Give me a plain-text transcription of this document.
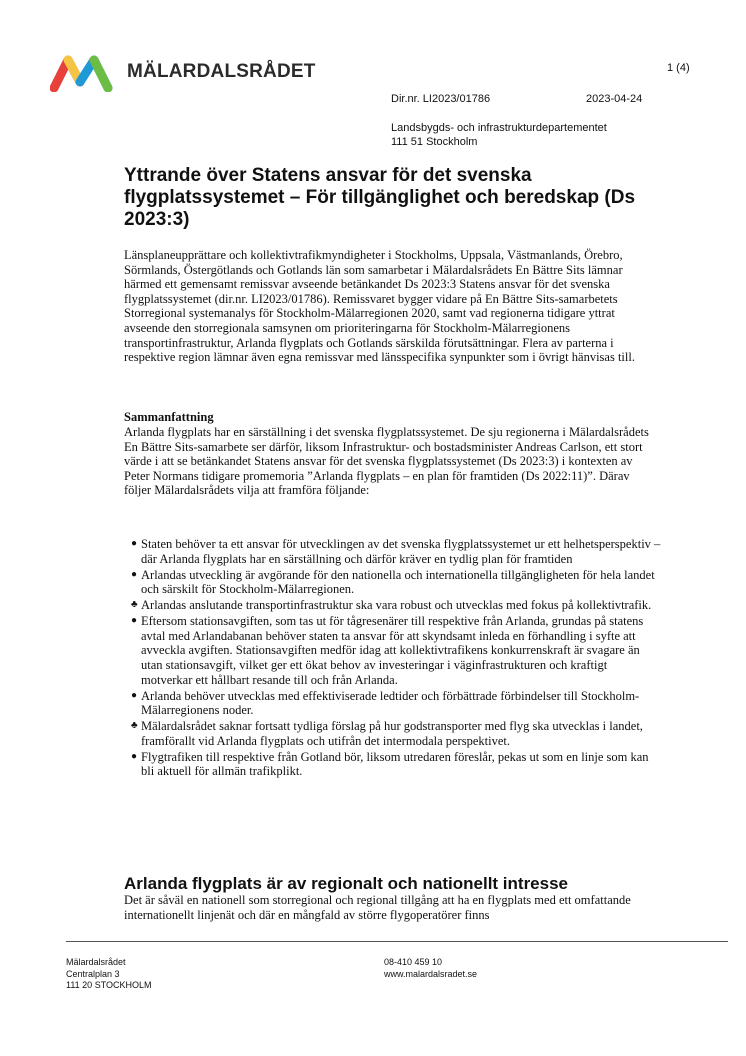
MÄLARDALSRÅDET	1 (4)
Dir.nr. LI2023/01786	2023-04-24
Landsbygds- och infrastrukturdepartementet
111 51 Stockholm
Yttrande över Statens ansvar för det svenska flygplatssystemet – För tillgänglighet och beredskap (Ds 2023:3)

Länsplaneupprättare och kollektivtrafikmyndigheter i Stockholms, Uppsala, Västmanlands, Örebro, Sörmlands, Östergötlands och Gotlands län som samarbetar i Mälardalsrådets En Bättre Sits lämnar härmed ett gemensamt remissvar avseende betänkandet Ds 2023:3 Statens ansvar för det svenska flygplatssystemet (dir.nr. LI2023/01786). Remissvaret bygger vidare på En Bättre Sits-samarbetets Storregional systemanalys för Stockholm-Mälarregionen 2020, samt vad regionerna tidigare yttrat avseende den storregionala samsynen om prioriteringarna för Stockholm-Mälarregionens transportinfrastruktur, Arlanda flygplats och Gotlands särskilda förutsättningar. Flera av parterna i respektive region lämnar även egna remissvar med länsspecifika synpunkter som i övrigt hänvisas till.

Sammanfattning

Arlanda flygplats har en särställning i det svenska flygplatssystemet. De sju regionerna i Mälardalsrådets En Bättre Sits-samarbete ser därför, liksom Infrastruktur- och bostadsminister Andreas Carlson, ett stort värde i att se betänkandet Statens ansvar för det svenska flygplatssystemet (Ds 2023:3) i kontexten av Peter Normans tidigare promemoria ”Arlanda flygplats – en plan för framtiden (Ds 2022:11)”. Därav följer Mälardalsrådets vilja att framföra följande:

● Staten behöver ta ett ansvar för utvecklingen av det svenska flygplatssystemet ur ett helhetsperspektiv – där Arlanda flygplats har en särställning och därför kräver en tydlig plan för framtiden
● Arlandas utveckling är avgörande för den nationella och internationella tillgängligheten för hela landet och särskilt för Stockholm-Mälarregionen.
♣ Arlandas anslutande transportinfrastruktur ska vara robust och utvecklas med fokus på kollektivtrafik.
● Eftersom stationsavgiften, som tas ut för tågresenärer till respektive från Arlanda, grundas på statens avtal med Arlandabanan behöver staten ta ansvar för att skyndsamt inleda en förhandling i syfte att avveckla avgiften. Stationsavgiften medför idag att kollektivtrafikens konkurrenskraft är svagare än utan stationsavgift, vilket ger ett ökat behov av investeringar i väginfrastrukturen och kraftigt motverkar ett hållbart resande till och från Arlanda.
● Arlanda behöver utvecklas med effektiviserade ledtider och förbättrade förbindelser till Stockholm-Mälarregionens noder.
♣ Mälardalsrådet saknar fortsatt tydliga förslag på hur godstransporter med flyg ska utvecklas i landet, framförallt vid Arlanda flygplats och utifrån det intermodala perspektivet.
● Flygtrafiken till respektive från Gotland bör, liksom utredaren föreslår, pekas ut som en linje som kan bli aktuell för allmän trafikplikt.
Arlanda flygplats är av regionalt och nationellt intresse

Det är såväl en nationell som storregional och regional tillgång att ha en flygplats med ett omfattande internationellt linjenät och där en mångfald av större flygoperatörer finns

Mälardalsrådet
Centralplan 3
111 20 STOCKHOLM
08-410 459 10
www.malardalsradet.se
